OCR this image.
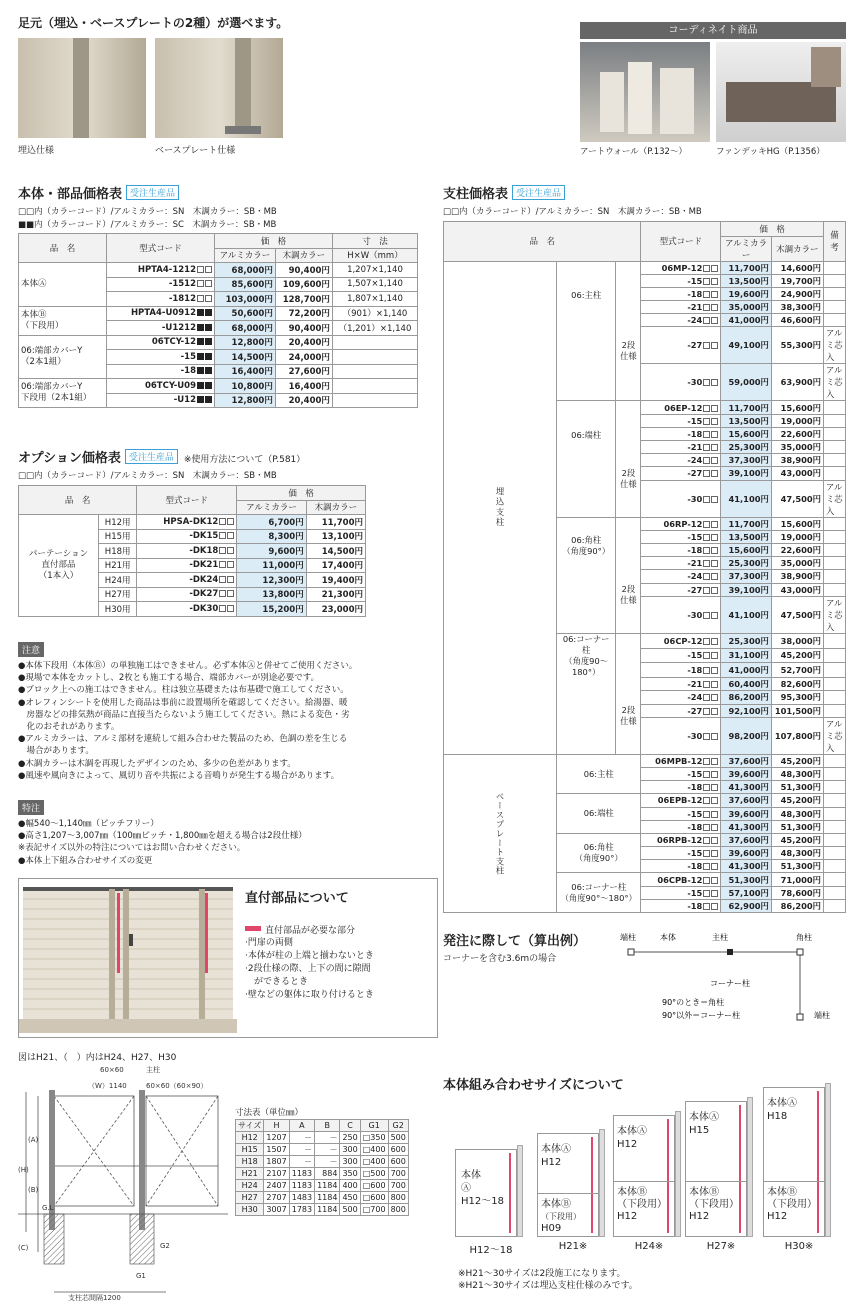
足元（埋込・ベースプレートの2種）が選べます。
埋込仕様	ベースプレート仕様
コーディネイト商品
アートウォール（P.132〜）	ファンデッキHG（P.1356）
本体・部品価格表 受注生産品
□□内（カラーコード）/アルミカラー：SN　木調カラー：SB・MB
■■内（カラーコード）/アルミカラー：SC　木調カラー：SB・MB
品　名	型式コード	価　格		寸　法
		アルミカラー	木調カラー	H×W（mm）

本体Ⓐ	HPTA4-1212	68,000円	90,400円	1,207×1,140
	-1512	85,600円	109,600円	1,507×1,140
	-1812	103,000円	128,700円	1,807×1,140

本体Ⓑ
（下段用）	HPTA4-U0912	50,600円	72,200円	（901）×1,140
	-U1212	68,000円	90,400円	（1,201）×1,140

06:端部カバーY
（2本1組）	06TCY-12	12,800円	20,400円	
	-15	14,500円	24,000円	
	-18	16,400円	27,600円	

06:端部カバーY
下段用（2本1組）	06TCY-U09	10,800円	16,400円	
	-U12	12,800円	20,400円	
オプション価格表 受注生産品 ※使用方法について（P.581）
□□内（カラーコード）/アルミカラー：SN　木調カラー：SB・MB
品　名		型式コード	価　格	
			アルミカラー	木調カラー

パーテーション
直付部品
（1本入）	H12用	HPSA-DK12	6,700円	11,700円
	H15用	-DK15	8,300円	13,100円
	H18用	-DK18	9,600円	14,500円
	H21用	-DK21	11,000円	17,400円
	H24用	-DK24	12,300円	19,400円
	H27用	-DK27	13,800円	21,300円
	H30用	-DK30	15,200円	23,000円
注意
●本体下段用（本体Ⓑ）の単独施工はできません。必ず本体Ⓐと併せてご使用ください。
●現場で本体をカットし、2枚とも施工する場合、端部カバーが別途必要です。
●ブロック上への施工はできません。柱は独立基礎または布基礎で施工してください。
●オレフィンシートを使用した商品は事前に設置場所を確認してください。給湯器、暖
　房器などの排気熱が商品に直接当たらないよう施工してください。熱による変色・劣
　化のおそれがあります。
●アルミカラーは、アルミ部材を連続して組み合わせた製品のため、色調の差を生じる
　場合があります。
●木調カラーは木調を再現したデザインのため、多少の色差があります。
●風速や風向きによって、風切り音や共振による音鳴りが発生する場合があります。
特注
●幅540〜1,140㎜（ピッチフリー）
●高さ1,207〜3,007㎜（100㎜ピッチ・1,800㎜を超える場合は2段仕様）
※表記サイズ以外の特注についてはお問い合わせください。
●本体上下組み合わせサイズの変更
直付部品について
直付部品が必要な部分
·門扉の両側
·本体が柱の上端と揃わないとき
·2段仕様の際、上下の間に隙間
　ができるとき
·壁などの躯体に取り付けるとき
図はH21、（　）内はH24、H27、H30
60×60
（W）1140
主柱
60×60（60×90）
G.L
支柱芯間隔1200
(A)
(B)
(H)
(C)	G2
G1
寸法表（単位㎜）
サイズ	H	A	B	C	G1	G2
H12	1207	－	－	250	□350	500
H15	1507	－	－	300	□400	600
H18	1807	－	－	300	□400	600
H21	2107	1183	884	350	□500	700
H24	2407	1183	1184	400	□600	700
H27	2707	1483	1184	450	□600	800
H30	3007	1783	1184	500	□700	800
支柱価格表 受注生産品
□□内（カラーコード）/アルミカラー：SN　木調カラー：SB・MB
品　名			型式コード	価　格		備　考
				アルミカラー	木調カラー	
埋込支柱	06:主柱		06MP-12	11,700円	14,600円	
			-15	13,500円	19,700円	
			-18	19,600円	24,900円	

		2段
仕様	-21	35,000円	38,300円	
			-24	41,000円	46,600円	
			-27	49,100円	55,300円	アルミ芯入
			-30	59,000円	63,900円	アルミ芯入

	06:端柱		06EP-12	11,700円	15,600円	
			-15	13,500円	19,000円	
			-18	15,600円	22,600円	

		2段
仕様	-21	25,300円	35,000円	
			-24	37,300円	38,900円	
			-27	39,100円	43,000円	
			-30	41,100円	47,500円	アルミ芯入

	06:角柱
（角度90°）		06RP-12	11,700円	15,600円	
			-15	13,500円	19,000円	
			-18	15,600円	22,600円	

		2段
仕様	-21	25,300円	35,000円	
			-24	37,300円	38,900円	
			-27	39,100円	43,000円	
			-30	41,100円	47,500円	アルミ芯入

	06:コーナー柱
（角度90〜180°）		06CP-12	25,300円	38,000円	
			-15	31,100円	45,200円	
			-18	41,000円	52,700円	

		2段
仕様	-21	60,400円	82,600円	
			-24	86,200円	95,300円	
			-27	92,100円	101,500円	
			-30	98,200円	107,800円	アルミ芯入
ベースプレート支柱	06:主柱		06MPB-12	37,600円	45,200円	
			-15	39,600円	48,300円	
			-18	41,300円	51,300円	

	06:端柱		06EPB-12	37,600円	45,200円	
			-15	39,600円	48,300円	
			-18	41,300円	51,300円	

	06:角柱
（角度90°）		06RPB-12	37,600円	45,200円	
			-15	39,600円	48,300円	
			-18	41,300円	51,300円	

	06:コーナー柱
（角度90°〜180°）		06CPB-12	51,300円	71,000円	
			-15	57,100円	78,600円	
			-18	62,900円	86,200円	
発注に際して（算出例）
コーナーを含む3.6mの場合
端柱	本体	主柱	角柱
コーナー柱
90°のとき＝角柱
90°以外＝コーナー柱	端柱
本体組み合わせサイズについて
本体
Ⓐ
H12〜18
H12〜18
本体Ⓐ
H12
本体Ⓑ
（下段用）
H09
H21※
本体Ⓐ
H12
本体Ⓑ
（下段用）
H12
H24※
本体Ⓐ
H15
本体Ⓑ
（下段用）
H12
H27※
本体Ⓐ
H18
本体Ⓑ
（下段用）
H12
H30※
※H21〜30サイズは2段施工になります。
※H21〜30サイズは埋込支柱仕様のみです。
